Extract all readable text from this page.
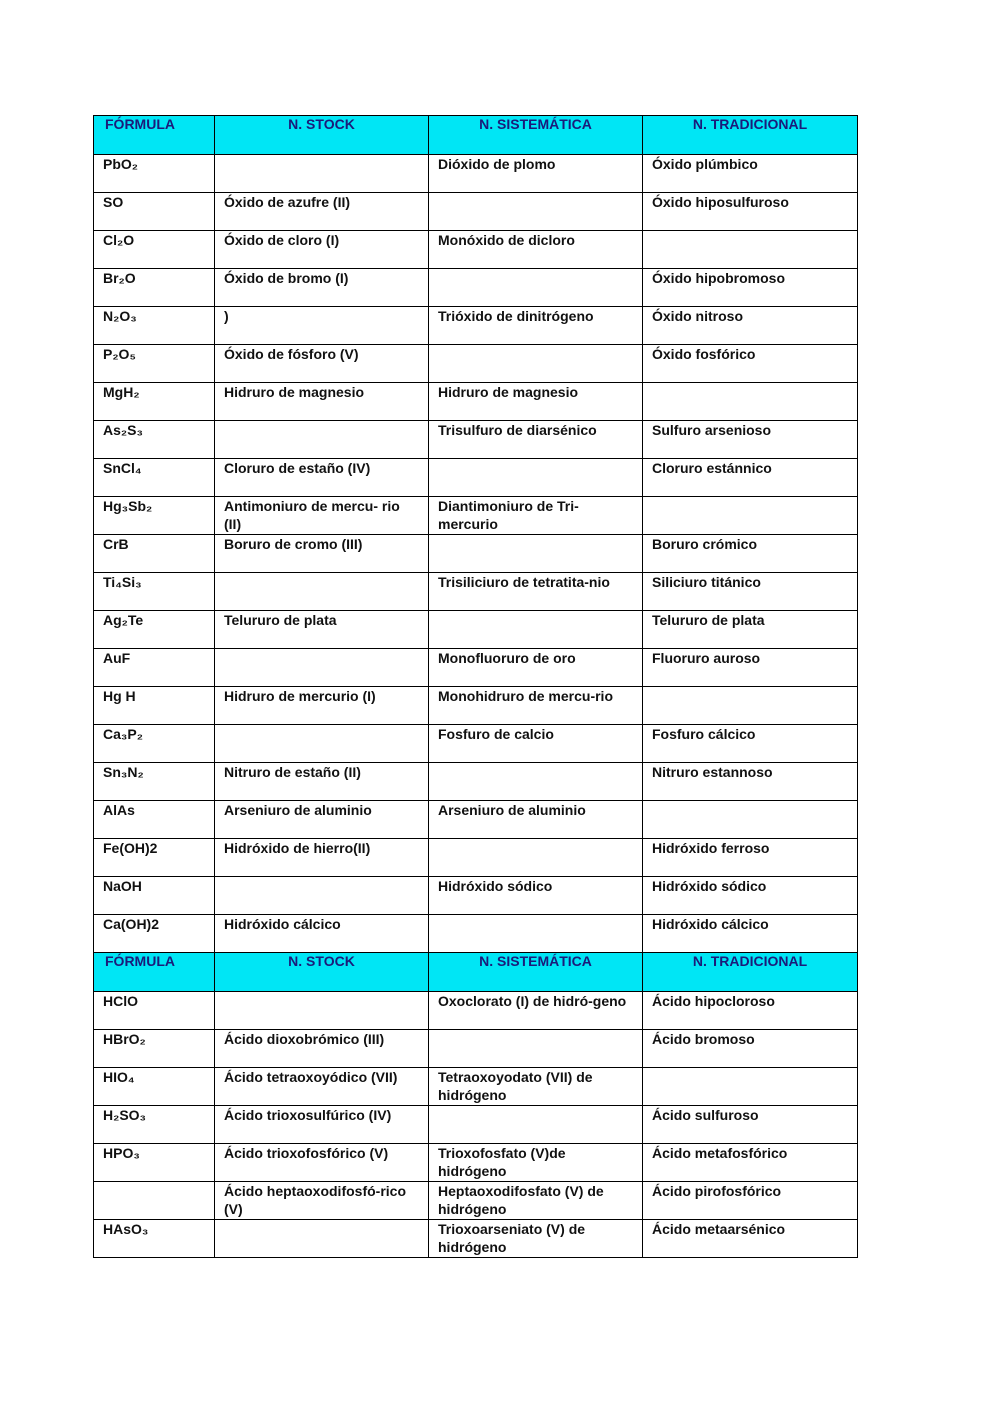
FÓRMULA	N. STOCK	N. SISTEMÁTICA	N. TRADICIONAL
PbO₂		Dióxido de plomo	Óxido plúmbico
SO	Óxido de azufre (II)		Óxido hiposulfuroso
Cl₂O	Óxido de cloro (I)	Monóxido de dicloro	
Br₂O	Óxido de bromo (I)		Óxido hipobromoso
N₂O₃	)	Trióxido de dinitrógeno	Óxido nitroso
P₂O₅	Óxido de fósforo (V)		Óxido fosfórico
MgH₂	Hidruro de magnesio	Hidruro de magnesio	
As₂S₃		Trisulfuro de diarsénico	Sulfuro arsenioso
SnCl₄	Cloruro de estaño (IV)		Cloruro estánnico
Hg₃Sb₂	Antimoniuro de mercu- rio (II)	Diantimoniuro de Tri-mercurio	
CrB	Boruro de cromo (III)		Boruro crómico
Ti₄Si₃		Trisiliciuro de tetratita-nio	Siliciuro titánico
Ag₂Te	Telururo de plata		Telururo de plata
AuF		Monofluoruro de oro	Fluoruro auroso
Hg H	Hidruro de mercurio (I)	Monohidruro de mercu-rio	
Ca₃P₂		Fosfuro de calcio	Fosfuro cálcico
Sn₃N₂	Nitruro de estaño (II)		Nitruro estannoso
AlAs	Arseniuro de aluminio	Arseniuro de aluminio	
Fe(OH)2	Hidróxido de hierro(II)		Hidróxido ferroso
NaOH		Hidróxido sódico	Hidróxido sódico
Ca(OH)2	Hidróxido cálcico		Hidróxido cálcico
FÓRMULA	N. STOCK	N. SISTEMÁTICA	N. TRADICIONAL
HClO		Oxoclorato (I) de hidró-geno	Ácido hipocloroso
HBrO₂	Ácido dioxobrómico (III)		Ácido bromoso
HIO₄	Ácido tetraoxoyódico (VII)	Tetraoxoyodato (VII) de hidrógeno	
H₂SO₃	Ácido trioxosulfúrico (IV)		Ácido sulfuroso
HPO₃	Ácido trioxofosfórico (V)	Trioxofosfato (V)de hidrógeno	Ácido metafosfórico
	Ácido heptaoxodifosfó-rico (V)	Heptaoxodifosfato (V) de hidrógeno	Ácido pirofosfórico
HAsO₃		Trioxoarseniato (V) de hidrógeno	Ácido metaarsénico
